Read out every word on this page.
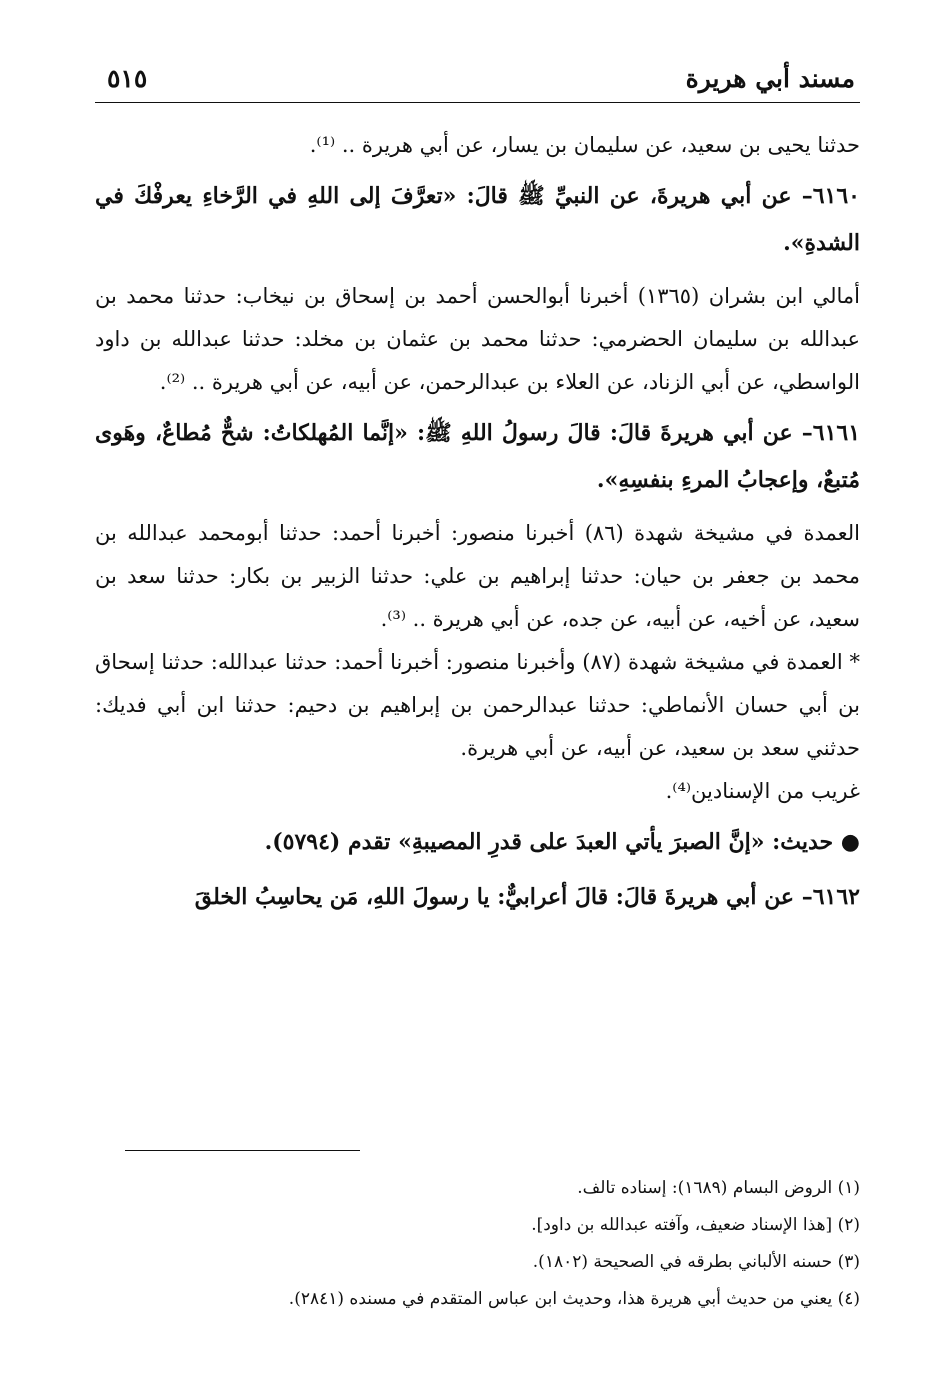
مسند أبي هريرة
٥١٥

حدثنا يحيى بن سعيد، عن سليمان بن يسار، عن أبي هريرة .. ⁽¹⁾.

٦١٦٠– عن أبي هريرةَ، عن النبيِّ ﷺ قالَ: «تعرَّفَ إلى اللهِ في الرَّخاءِ يعرفْكَ في الشدةِ».

أمالي ابن بشران (١٣٦٥) أخبرنا أبوالحسن أحمد بن إسحاق بن نيخاب: حدثنا محمد بن عبدالله بن سليمان الحضرمي: حدثنا محمد بن عثمان بن مخلد: حدثنا عبدالله بن داود الواسطي، عن أبي الزناد، عن العلاء بن عبدالرحمن، عن أبيه، عن أبي هريرة .. ⁽²⁾.

٦١٦١– عن أبي هريرةَ قالَ: قالَ رسولُ اللهِ ﷺ: «إنَّما المُهلكاتُ: شحٌّ مُطاعٌ، وهَوى مُتبعٌ، وإعجابُ المرءِ بنفسِهِ».

العمدة في مشيخة شهدة (٨٦) أخبرنا منصور: أخبرنا أحمد: حدثنا أبومحمد عبدالله بن محمد بن جعفر بن حيان: حدثنا إبراهيم بن علي: حدثنا الزبير بن بكار: حدثنا سعد بن سعيد، عن أخيه، عن أبيه، عن جده، عن أبي هريرة .. ⁽³⁾.

* العمدة في مشيخة شهدة (٨٧) وأخبرنا منصور: أخبرنا أحمد: حدثنا عبدالله: حدثنا إسحاق بن أبي حسان الأنماطي: حدثنا عبدالرحمن بن إبراهيم بن دحيم: حدثنا ابن أبي فديك: حدثني سعد بن سعيد، عن أبيه، عن أبي هريرة.

غريب من الإسنادين⁽⁴⁾.

● حديث: «إنَّ الصبرَ يأتي العبدَ على قدرِ المصيبةِ» تقدم (٥٧٩٤).

٦١٦٢– عن أبي هريرةَ قالَ: قالَ أعرابيٌّ: يا رسولَ اللهِ، مَن يحاسِبُ الخلقَ

(١) الروض البسام (١٦٨٩): إسناده تالف.

(٢) [هذا الإسناد ضعيف، وآفته عبدالله بن داود].

(٣) حسنه الألباني بطرقه في الصحيحة (١٨٠٢).

(٤) يعني من حديث أبي هريرة هذا، وحديث ابن عباس المتقدم في مسنده (٢٨٤١).
